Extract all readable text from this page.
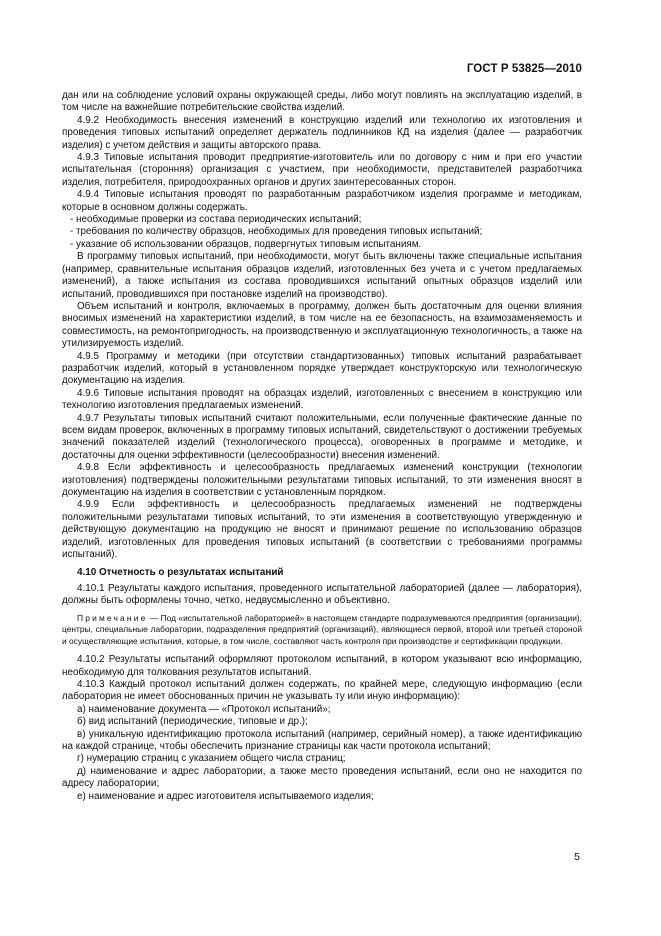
ГОСТ Р 53825—2010

дан или на соблюдение условий охраны окружающей среды, либо могут повлиять на эксплуатацию изделий, в том числе на важнейшие потребительские свойства изделий.

4.9.2 Необходимость внесения изменений в конструкцию изделий или технологию их изготовления и проведения типовых испытаний определяет держатель подлинников КД на изделия (далее — разработчик изделия) с учетом действия и защиты авторского права.

4.9.3 Типовые испытания проводит предприятие-изготовитель или по договору с ним и при его участии испытательная (сторонняя) организация с участием, при необходимости, представителей разработчика изделия, потребителя, природоохранных органов и других заинтересованных сторон.

4.9.4 Типовые испытания проводят по разработанным разработчиком изделия программе и методикам, которые в основном должны содержать.

- необходимые проверки из состава периодических испытаний;

- требования по количеству образцов, необходимых для проведения типовых испытаний;

- указание об использовании образцов, подвергнутых типовым испытаниям.

В программу типовых испытаний, при необходимости, могут быть включены также специальные испытания (например, сравнительные испытания образцов изделий, изготовленных без учета и с учетом предлагаемых изменений), а также испытания из состава проводившихся испытаний опытных образцов изделий или испытаний, проводившихся при постановке изделий на производство).

Объем испытаний и контроля, включаемых в программу, должен быть достаточным для оценки влияния вносимых изменений на характеристики изделий, в том числе на ее безопасность, на взаимозаменяемость и совместимость, на ремонтопригодность, на производственную и эксплуатационную технологичность, а также на утилизируемость изделий.

4.9.5 Программу и методики (при отсутствии стандартизованных) типовых испытаний разрабатывает разработчик изделий, который в установленном порядке утверждает конструкторскую или технологическую документацию на изделия.

4.9.6 Типовые испытания проводят на образцах изделий, изготовленных с внесением в конструкцию или технологию изготовления предлагаемых изменений.

4.9.7 Результаты типовых испытаний считают положительными, если полученные фактические данные по всем видам проверок, включенных в программу типовых испытаний, свидетельствуют о достижении требуемых значений показателей изделий (технологического процесса), оговоренных в программе и методике, и достаточны для оценки эффективности (целесообразности) внесения изменений.

4.9.8 Если эффективность и целесообразность предлагаемых изменений конструкции (технологии изготовления) подтверждены положительными результатами типовых испытаний, то эти изменения вносят в документацию на изделия в соответствии с установленным порядком.

4.9.9 Если эффективность и целесообразность предлагаемых изменений не подтверждены положительными результатами типовых испытаний, то эти изменения в соответствующую утвержденную и действующую документацию на продукцию не вносят и принимают решение по использованию образцов изделий, изготовленных для проведения типовых испытаний (в соответствии с требованиями программы испытаний).

4.10 Отчетность о результатах испытаний

4.10.1 Результаты каждого испытания, проведенного испытательной лабораторией (далее — лаборатория), должны быть оформлены точно, четко, недвусмысленно и объективно.

Примечание — Под «испытательной лабораторией» в настоящем стандарте подразумеваются предприятия (организации), центры, специальные лаборатории, подразделения предприятий (организаций), являющиеся первой, второй или третьей стороной и осуществляющие испытания, которые, в том числе, составляют часть контроля при производстве и сертификации продукции.

4.10.2 Результаты испытаний оформляют протоколом испытаний, в котором указывают всю информацию, необходимую для толкования результатов испытаний.

4.10.3 Каждый протокол испытаний должен содержать, по крайней мере, следующую информацию (если лаборатория не имеет обоснованных причин не указывать ту или иную информацию):

а) наименование документа — «Протокол испытаний»;

б) вид испытаний (периодические, типовые и др.);

в) уникальную идентификацию протокола испытаний (например, серийный номер), а также идентификацию на каждой странице, чтобы обеспечить признание страницы как части протокола испытаний;

г) нумерацию страниц с указанием общего числа страниц;

д) наименование и адрес лаборатории, а также место проведения испытаний, если оно не находится по адресу лаборатории;

е) наименование и адрес изготовителя испытываемого изделия;

5
